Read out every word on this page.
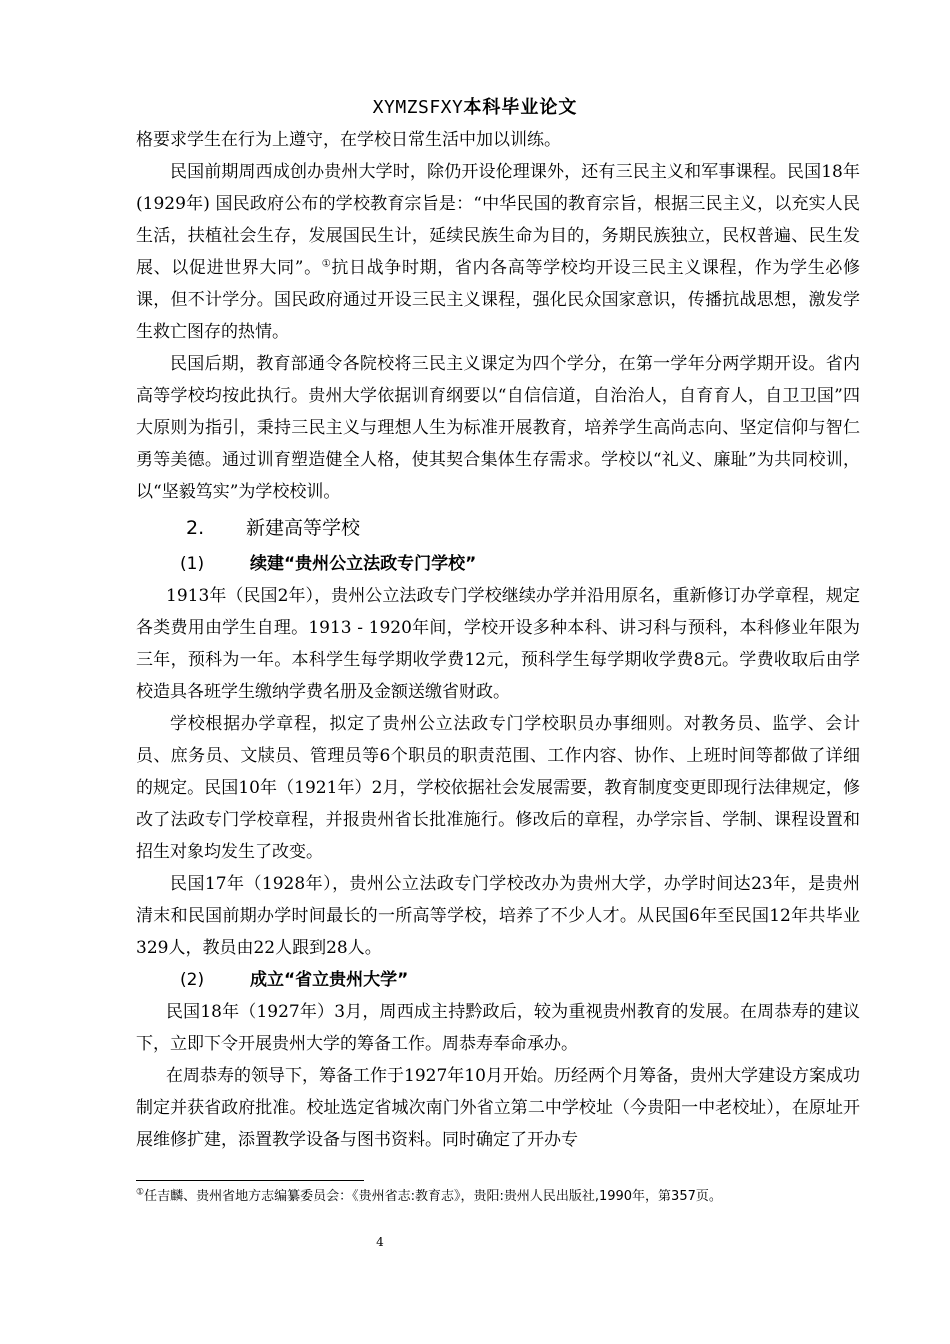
XYMZSFXY本科毕业论文

格要求学生在行为上遵守，在学校日常生活中加以训练。

民国前期周西成创办贵州大学时，除仍开设伦理课外，还有三民主义和军事课程。民国18年(1929年) 国民政府公布的学校教育宗旨是：“中华民国的教育宗旨，根据三民主义，以充实人民生活，扶植社会生存，发展国民生计，延续民族生命为目的，务期民族独立，民权普遍、民生发展、以促进世界大同”。①抗日战争时期，省内各高等学校均开设三民主义课程，作为学生必修课，但不计学分。国民政府通过开设三民主义课程，强化民众国家意识，传播抗战思想，激发学生救亡图存的热情。

民国后期，教育部通令各院校将三民主义课定为四个学分，在第一学年分两学期开设。省内高等学校均按此执行。贵州大学依据训育纲要以“自信信道，自治治人，自育育人，自卫卫国”四大原则为指引，秉持三民主义与理想人生为标准开展教育，培养学生高尚志向、坚定信仰与智仁勇等美德。通过训育塑造健全人格，使其契合集体生存需求。学校以“礼义、廉耻”为共同校训，以“坚毅笃实”为学校校训。

2. 新建高等学校
(1)	续建“贵州公立法政专门学校”

1913年（民国2年），贵州公立法政专门学校继续办学并沿用原名，重新修订办学章程，规定各类费用由学生自理。1913 - 1920年间，学校开设多种本科、讲习科与预科，本科修业年限为三年，预科为一年。本科学生每学期收学费12元，预科学生每学期收学费8元。学费收取后由学校造具各班学生缴纳学费名册及金额送缴省财政。

学校根据办学章程，拟定了贵州公立法政专门学校职员办事细则。对教务员、监学、会计员、庶务员、文牍员、管理员等6个职员的职责范围、工作内容、协作、上班时间等都做了详细的规定。民国10年（1921年）2月，学校依据社会发展需要，教育制度变更即现行法律规定，修改了法政专门学校章程，并报贵州省长批准施行。修改后的章程，办学宗旨、学制、课程设置和招生对象均发生了改变。

民国17年（1928年），贵州公立法政专门学校改办为贵州大学，办学时间达23年，是贵州清末和民国前期办学时间最长的一所高等学校，培养了不少人才。从民国6年至民国12年共毕业329人，教员由22人跟到28人。

(2)	成立“省立贵州大学”

民国18年（1927年）3月，周西成主持黔政后，较为重视贵州教育的发展。在周恭寿的建议下，立即下令开展贵州大学的筹备工作。周恭寿奉命承办。

在周恭寿的领导下，筹备工作于1927年10月开始。历经两个月筹备，贵州大学建设方案成功制定并获省政府批准。校址选定省城次南门外省立第二中学校址（今贵阳一中老校址），在原址开展维修扩建，添置教学设备与图书资料。同时确定了开办专

①任吉麟、贵州省地方志编纂委员会：《贵州省志:教育志》，贵阳:贵州人民出版社,1990年，第357页。
4
